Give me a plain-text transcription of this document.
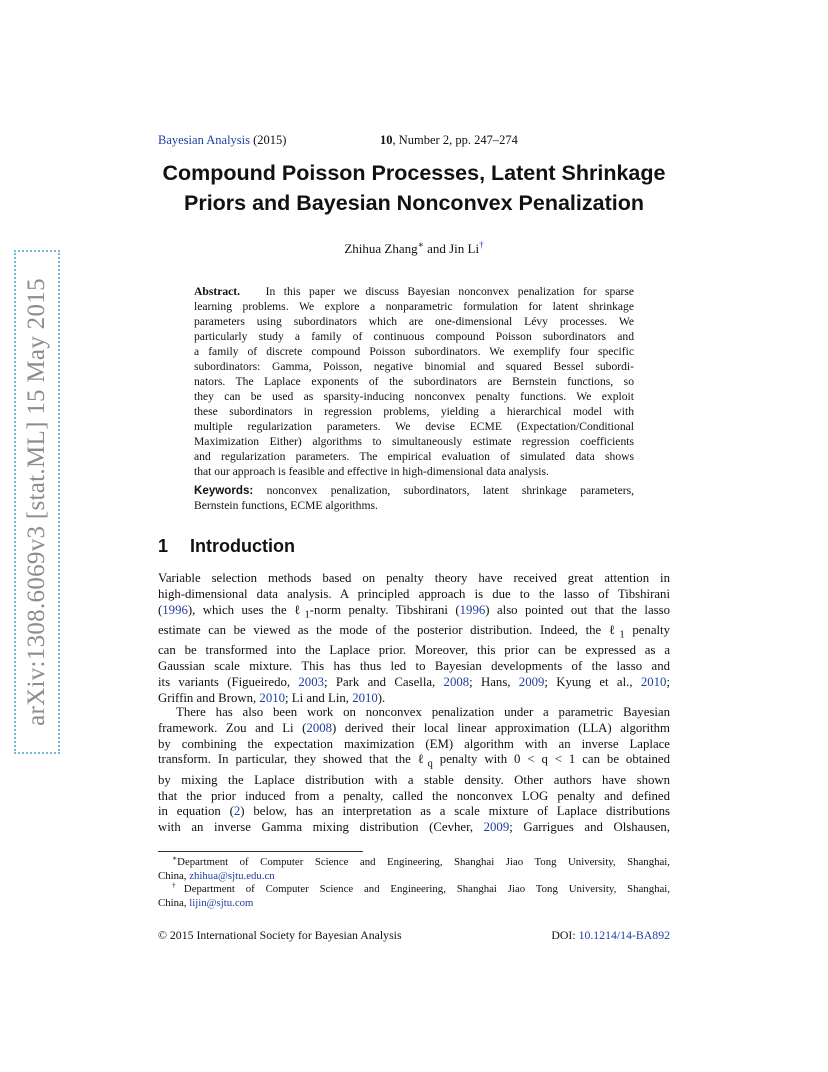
arXiv:1308.6069v3 [stat.ML] 15 May 2015
Bayesian Analysis (2015)	10, Number 2, pp. 247–274
Compound Poisson Processes, Latent Shrinkage
Priors and Bayesian Nonconvex Penalization
Zhihua Zhang∗ and Jin Li†
Abstract. In this paper we discuss Bayesian nonconvex penalization for sparse
learning problems. We explore a nonparametric formulation for latent shrinkage
parameters using subordinators which are one-dimensional Lévy processes. We
particularly study a family of continuous compound Poisson subordinators and
a family of discrete compound Poisson subordinators. We exemplify four specific
subordinators: Gamma, Poisson, negative binomial and squared Bessel subordi-
nators. The Laplace exponents of the subordinators are Bernstein functions, so
they can be used as sparsity-inducing nonconvex penalty functions. We exploit
these subordinators in regression problems, yielding a hierarchical model with
multiple regularization parameters. We devise ECME (Expectation/Conditional
Maximization Either) algorithms to simultaneously estimate regression coefficients
and regularization parameters. The empirical evaluation of simulated data shows
that our approach is feasible and effective in high-dimensional data analysis.
Keywords: nonconvex penalization, subordinators, latent shrinkage parameters,
Bernstein functions, ECME algorithms.
1 Introduction
Variable selection methods based on penalty theory have received great attention in
high-dimensional data analysis. A principled approach is due to the lasso of Tibshirani
(1996), which uses the ℓ$_1$-norm penalty. Tibshirani (1996) also pointed out that the lasso
estimate can be viewed as the mode of the posterior distribution. Indeed, the ℓ$_1$ penalty
can be transformed into the Laplace prior. Moreover, this prior can be expressed as a
Gaussian scale mixture. This has thus led to Bayesian developments of the lasso and
its variants (Figueiredo, 2003; Park and Casella, 2008; Hans, 2009; Kyung et al., 2010;
Griffin and Brown, 2010; Li and Lin, 2010).
There has also been work on nonconvex penalization under a parametric Bayesian
framework. Zou and Li (2008) derived their local linear approximation (LLA) algorithm
by combining the expectation maximization (EM) algorithm with an inverse Laplace
transform. In particular, they showed that the ℓ$_q$ penalty with 0 < q < 1 can be obtained
by mixing the Laplace distribution with a stable density. Other authors have shown
that the prior induced from a penalty, called the nonconvex LOG penalty and defined
in equation (2) below, has an interpretation as a scale mixture of Laplace distributions
with an inverse Gamma mixing distribution (Cevher, 2009; Garrigues and Olshausen,
∗Department of Computer Science and Engineering, Shanghai Jiao Tong University, Shanghai,
China, zhihua@sjtu.edu.cn
†Department of Computer Science and Engineering, Shanghai Jiao Tong University, Shanghai,
China, lijin@sjtu.com
© 2015 International Society for Bayesian Analysis	DOI: 10.1214/14-BA892
